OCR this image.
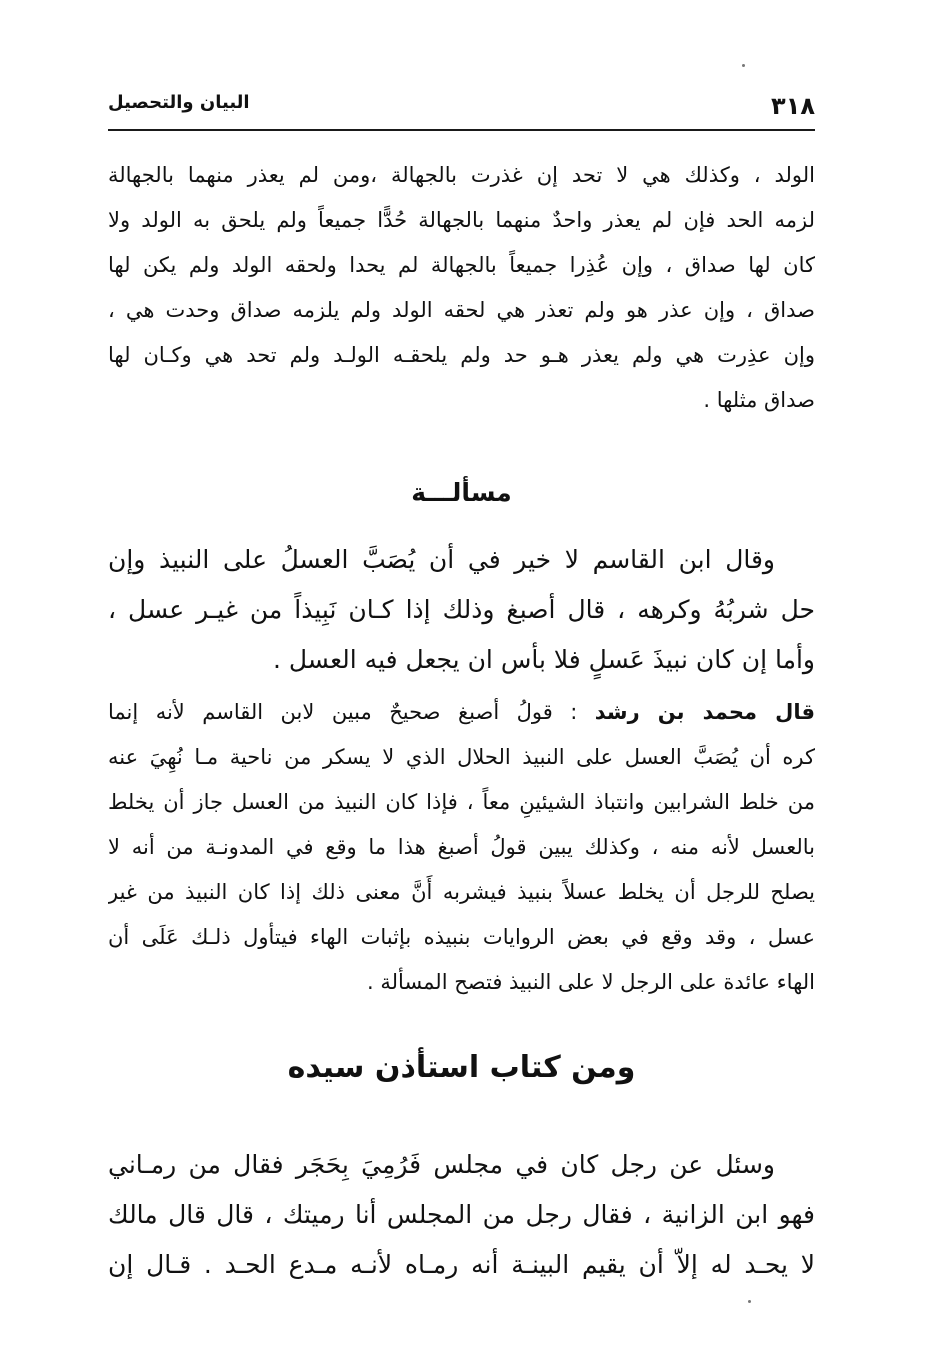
٣١٨
البيان والتحصيل
الولد ، وكذلك هي لا تحد إن غذرت بالجهالة ،ومن لم يعذر منهما بالجهالة
لزمه الحد فإن لم يعذر واحدٌ منهما بالجهالة حُدًّا جميعاً ولم يلحق به الولد ولا
كان لها صداق ، وإن عُذِرا جميعاً بالجهالة لم يحدا ولحقه الولد ولم يكن لها
صداق ، وإن عذر هو ولم تعذر هي لحقه الولد ولم يلزمه صداق وحدت هي ،
وإن عذِرت هي ولم يعذر هـو حد ولم يلحقـه الولـد ولم تحد هي وكـان لها
صداق مثلها .
مسألـــة
وقال ابن القاسم لا خير في أن يُصَبَّ العسلُ على النبيذ وإن
حل شربُهُ وكرهه ، قال أصبغ وذلك إذا كـان نَبِيذاً من غيـر عسل ،
وأما إن كان نبيذَ عَسلٍ فلا بأس ان يجعل فيه العسل .
قال محمد بن رشد : قولُ أصبغ صحيحٌ مبين لابن القاسم لأنه إنما
كره أن يُصَبَّ العسل على النبيذ الحلال الذي لا يسكر من ناحية مـا نُهِيَ عنه
من خلط الشرابين وانتباذ الشيئينِ معاً ، فإذا كان النبيذ من العسل جاز أن يخلط
بالعسل لأنه منه ، وكذلك يبين قولُ أصبغ هذا ما وقع في المدونـة من أنه لا
يصلح للرجل أن يخلط عسلاً بنبيذ فيشربه أَنَّ معنى ذلك إذا كان النبيذ من غير
عسل ، وقد وقع في بعض الروايات بنبيذه بإثبات الهاء فيتأول ذلـك عَلَى أن
الهاء عائدة على الرجل لا على النبيذ فتصح المسألة .
ومن كتاب استأذن سيده
وسئل عن رجل كان في مجلس فَرُمِيَ بِحَجَر فقال من رمـاني
فهو ابن الزانية ، فقال رجل من المجلس أنا رميتك ، قال قال مالك
لا يحـد له إلاّ أن يقيم البينـة أنه رمـاه لأنـه مـدع الحـد . قـال إن
